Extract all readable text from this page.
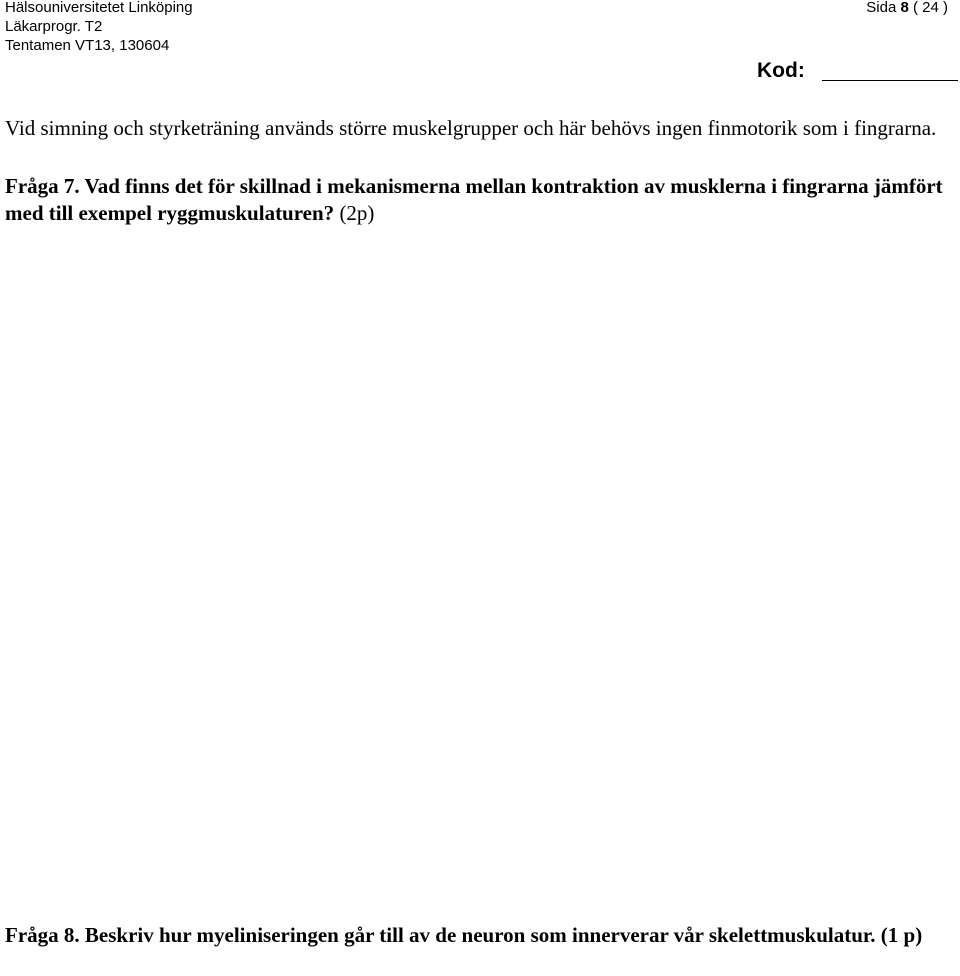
Hälsouniversitetet Linköping
Läkarprogr. T2
Tentamen VT13, 130604
Sida 8 ( 24 )
Kod:
Vid simning och styrketräning används större muskelgrupper och här behövs ingen finmotorik som i fingrarna.
Fråga 7. Vad finns det för skillnad i mekanismerna mellan kontraktion av musklerna i fingrarna jämfört med till exempel ryggmuskulaturen? (2p)
Fråga 8. Beskriv hur myeliniseringen går till av de neuron som innerverar vår skelettmuskulatur. (1 p)
